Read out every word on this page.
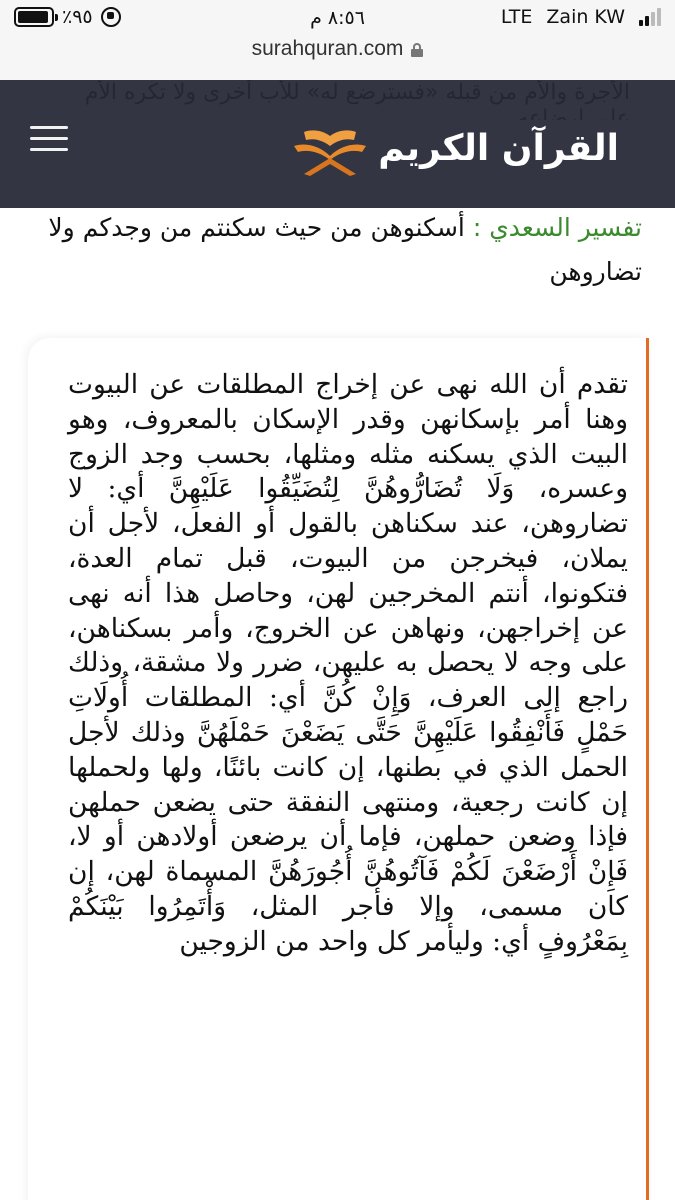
٪٩٥	٨:٥٦ م	LTE Zain KW
surahquran.com
القرآن الكريم
تفسير السعدي : أسكنوهن من حيث سكنتم من وجدكم ولا تضاروهن
تقدم أن الله نهى عن إخراج المطلقات عن البيوت وهنا أمر بإسكانهن وقدر الإسكان بالمعروف، وهو البيت الذي يسكنه مثله ومثلها، بحسب وجد الزوج وعسره، وَلَا تُضَارُّوهُنَّ لِتُضَيِّقُوا عَلَيْهِنَّ أي: لا تضاروهن، عند سكناهن بالقول أو الفعل، لأجل أن يملان، فيخرجن من البيوت، قبل تمام العدة، فتكونوا، أنتم المخرجين لهن، وحاصل هذا أنه نهى عن إخراجهن، ونهاهن عن الخروج، وأمر بسكناهن، على وجه لا يحصل به عليهن، ضرر ولا مشقة، وذلك راجع إلى العرف، وَإِنْ كُنَّ أي: المطلقات أُولَاتِ حَمْلٍ فَأَنْفِقُوا عَلَيْهِنَّ حَتَّى يَضَعْنَ حَمْلَهُنَّ وذلك لأجل الحمل الذي في بطنها، إن كانت بائنًا، ولها ولحملها إن كانت رجعية، ومنتهى النفقة حتى يضعن حملهن فإذا وضعن حملهن، فإما أن يرضعن أولادهن أو لا، فَإِنْ أَرْضَعْنَ لَكُمْ فَآتُوهُنَّ أُجُورَهُنَّ المسماة لهن، إن كان مسمى، وإلا فأجر المثل، وَأْتَمِرُوا بَيْنَكُمْ بِمَعْرُوفٍ أي: وليأمر كل واحد من الزوجين
